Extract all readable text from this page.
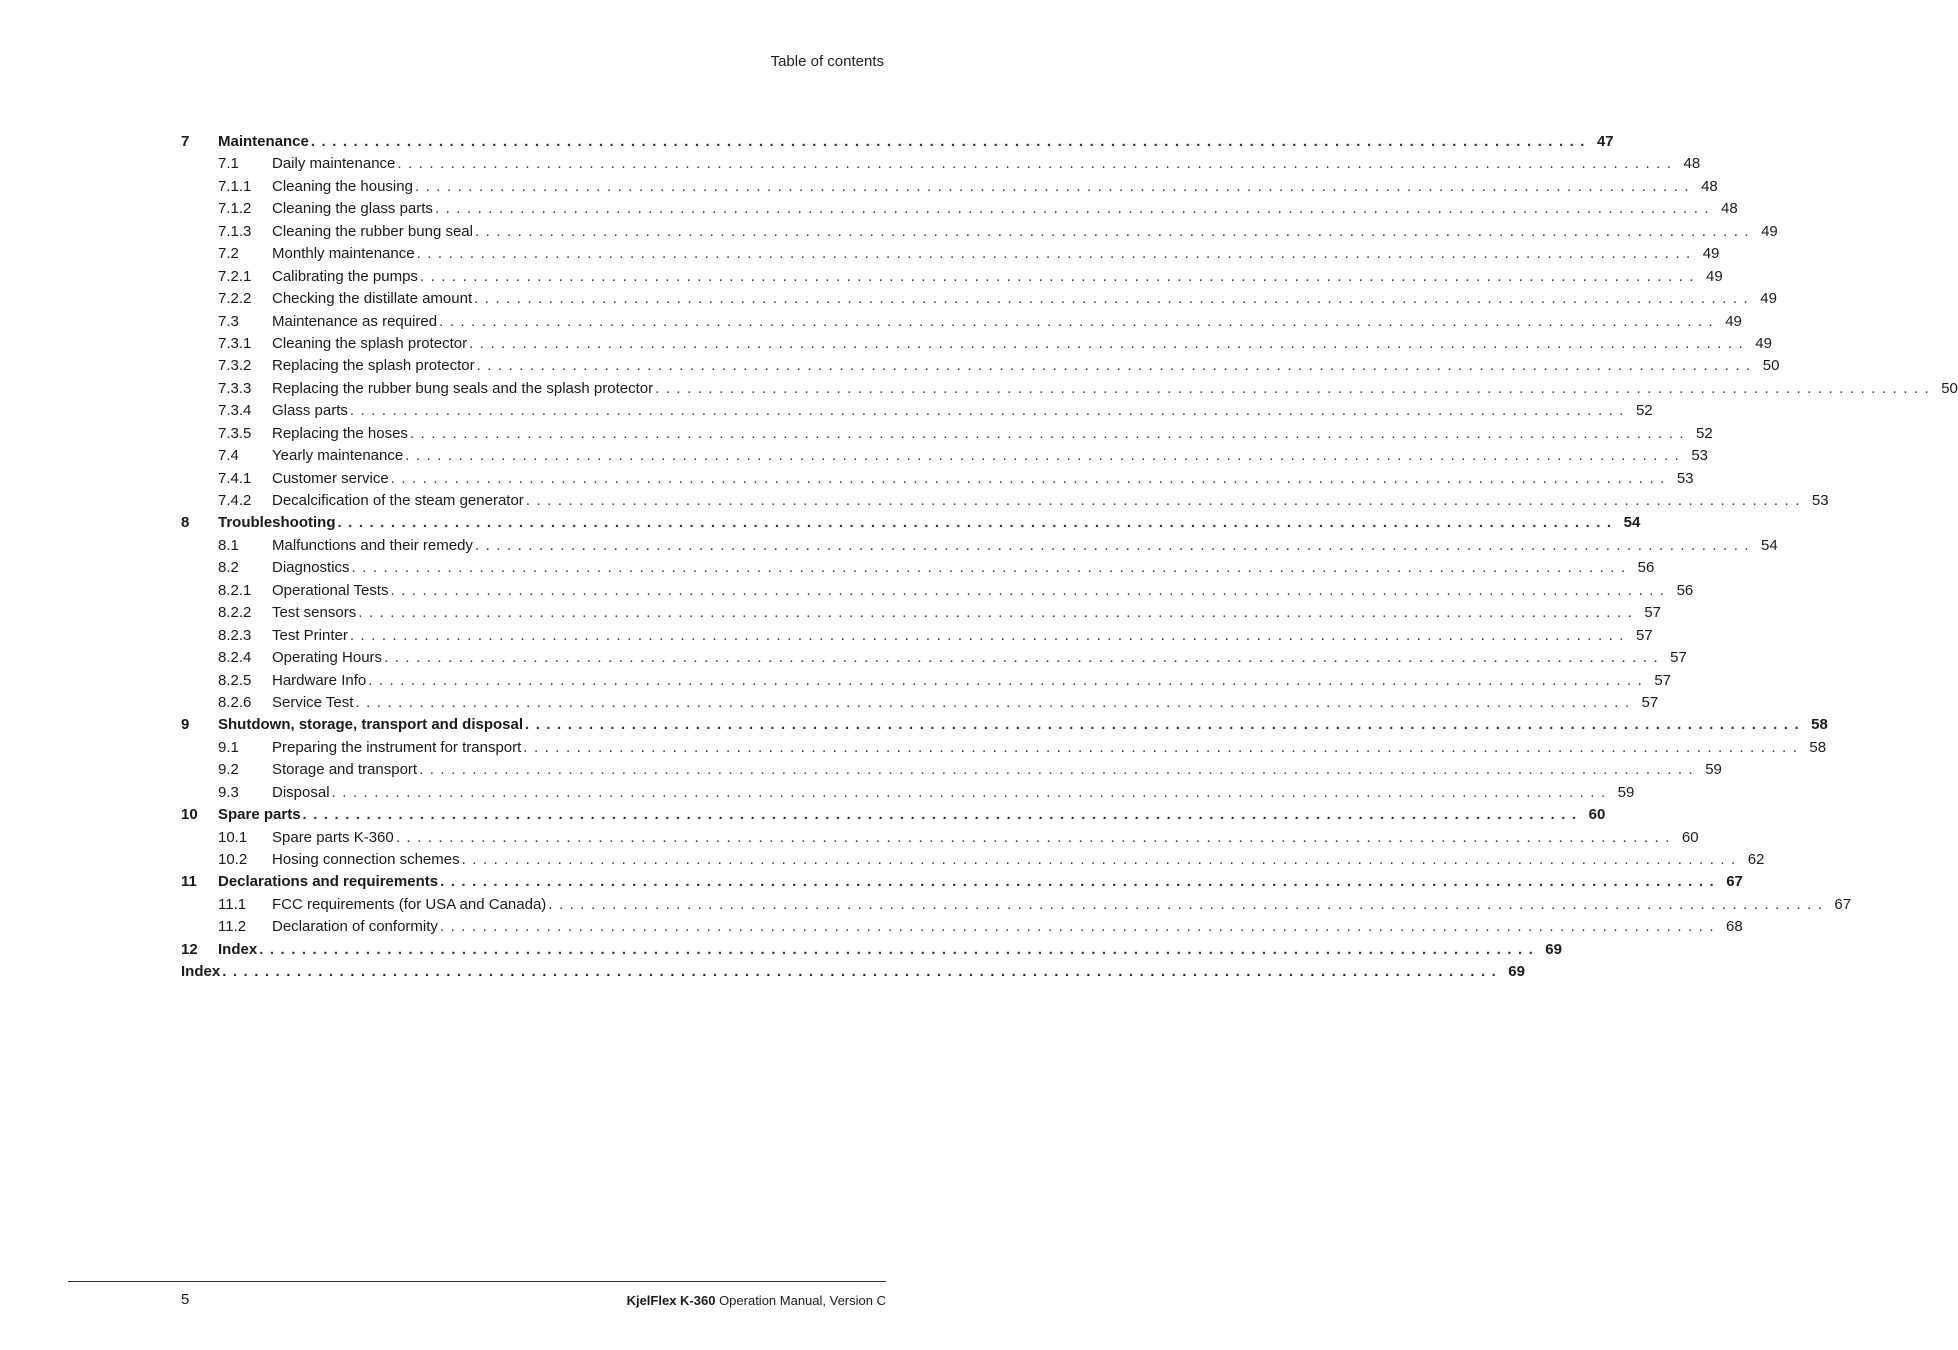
Table of contents
7 Maintenance ........................................................................................................................ 47
7.1 Daily maintenance ........................................................................................................................ 48
7.1.1 Cleaning the housing ........................................................................................................................ 48
7.1.2 Cleaning the glass parts ........................................................................................................................ 48
7.1.3 Cleaning the rubber bung seal ........................................................................................................................ 49
7.2 Monthly maintenance ........................................................................................................................ 49
7.2.1 Calibrating the pumps ........................................................................................................................ 49
7.2.2 Checking the distillate amount ........................................................................................................................ 49
7.3 Maintenance as required ........................................................................................................................ 49
7.3.1 Cleaning the splash protector ........................................................................................................................ 49
7.3.2 Replacing the splash protector ........................................................................................................................ 50
7.3.3 Replacing the rubber bung seals and the splash protector ........................................................................................................................ 50
7.3.4 Glass parts ........................................................................................................................ 52
7.3.5 Replacing the hoses ........................................................................................................................ 52
7.4 Yearly maintenance ........................................................................................................................ 53
7.4.1 Customer service ........................................................................................................................ 53
7.4.2 Decalcification of the steam generator ........................................................................................................................ 53
8 Troubleshooting ........................................................................................................................ 54
8.1 Malfunctions and their remedy ........................................................................................................................ 54
8.2 Diagnostics ........................................................................................................................ 56
8.2.1 Operational Tests ........................................................................................................................ 56
8.2.2 Test sensors ........................................................................................................................ 57
8.2.3 Test Printer ........................................................................................................................ 57
8.2.4 Operating Hours ........................................................................................................................ 57
8.2.5 Hardware Info ........................................................................................................................ 57
8.2.6 Service Test ........................................................................................................................ 57
9 Shutdown, storage, transport and disposal ........................................................................................................................ 58
9.1 Preparing the instrument for transport ........................................................................................................................ 58
9.2 Storage and transport ........................................................................................................................ 59
9.3 Disposal ........................................................................................................................ 59
10 Spare parts ........................................................................................................................ 60
10.1 Spare parts K-360 ........................................................................................................................ 60
10.2 Hosing connection schemes ........................................................................................................................ 62
11 Declarations and requirements ........................................................................................................................ 67
11.1 FCC requirements (for USA and Canada) ........................................................................................................................ 67
11.2 Declaration of conformity ........................................................................................................................ 68
12 Index ........................................................................................................................ 69
Index ........................................................................................................................ 69
5	KjelFlex K-360 Operation Manual, Version C
